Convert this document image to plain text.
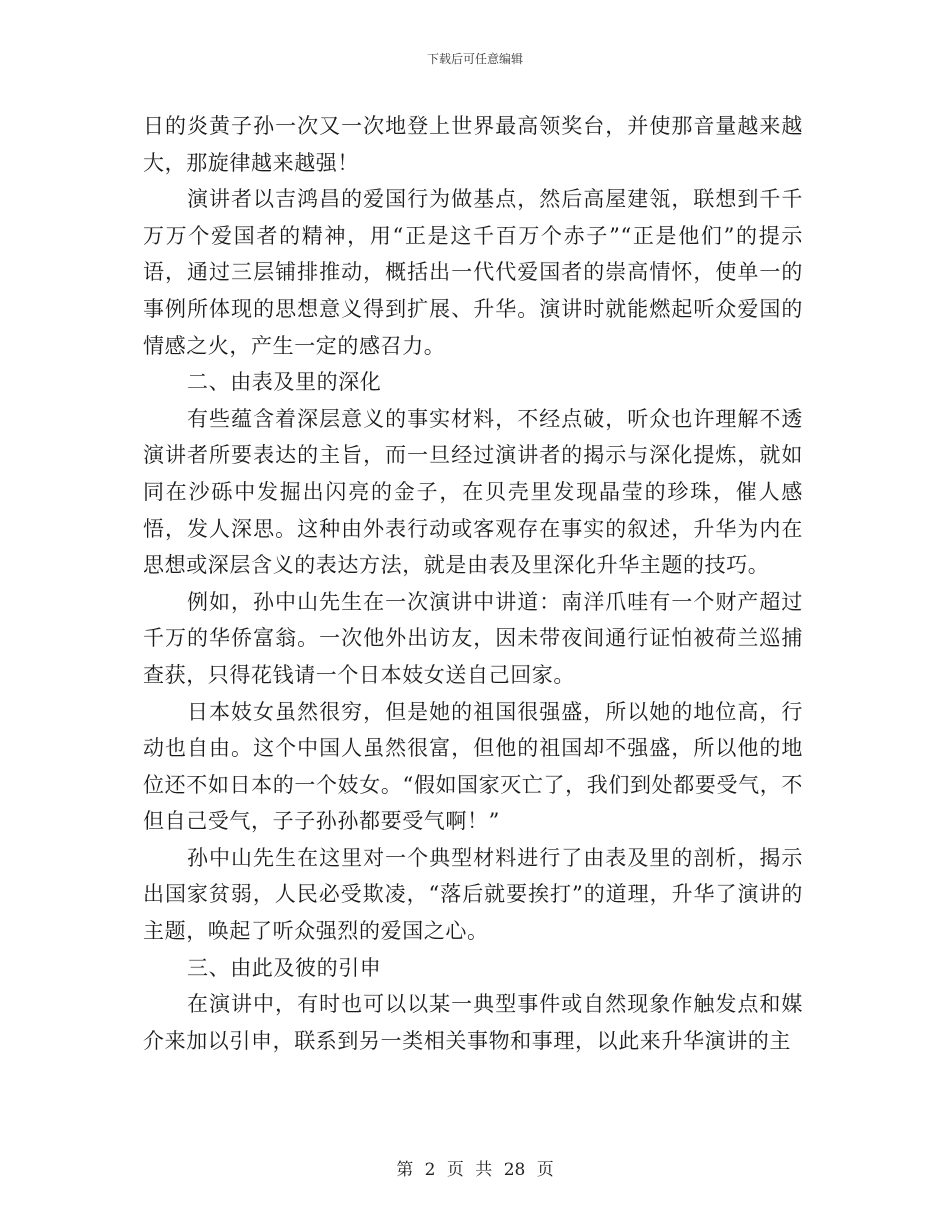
下载后可任意编辑

日的炎黄子孙一次又一次地登上世界最高领奖台，并使那音量越来越大，那旋律越来越强！

演讲者以吉鸿昌的爱国行为做基点，然后高屋建瓴，联想到千千万万个爱国者的精神，用“正是这千百万个赤子”“正是他们”的提示语，通过三层铺排推动，概括出一代代爱国者的崇高情怀，使单一的事例所体现的思想意义得到扩展、升华。演讲时就能燃起听众爱国的情感之火，产生一定的感召力。

二、由表及里的深化

有些蕴含着深层意义的事实材料，不经点破，听众也许理解不透演讲者所要表达的主旨，而一旦经过演讲者的揭示与深化提炼，就如同在沙砾中发掘出闪亮的金子，在贝壳里发现晶莹的珍珠，催人感悟，发人深思。这种由外表行动或客观存在事实的叙述，升华为内在思想或深层含义的表达方法，就是由表及里深化升华主题的技巧。

例如，孙中山先生在一次演讲中讲道：南洋爪哇有一个财产超过千万的华侨富翁。一次他外出访友，因未带夜间通行证怕被荷兰巡捕查获，只得花钱请一个日本妓女送自己回家。

日本妓女虽然很穷，但是她的祖国很强盛，所以她的地位高，行动也自由。这个中国人虽然很富，但他的祖国却不强盛，所以他的地位还不如日本的一个妓女。“假如国家灭亡了，我们到处都要受气，不但自己受气，子子孙孙都要受气啊！”

孙中山先生在这里对一个典型材料进行了由表及里的剖析，揭示出国家贫弱，人民必受欺凌，“落后就要挨打”的道理，升华了演讲的主题，唤起了听众强烈的爱国之心。

三、由此及彼的引申

在演讲中，有时也可以以某一典型事件或自然现象作触发点和媒介来加以引申，联系到另一类相关事物和事理，以此来升华演讲的主

第 2 页 共 28 页
